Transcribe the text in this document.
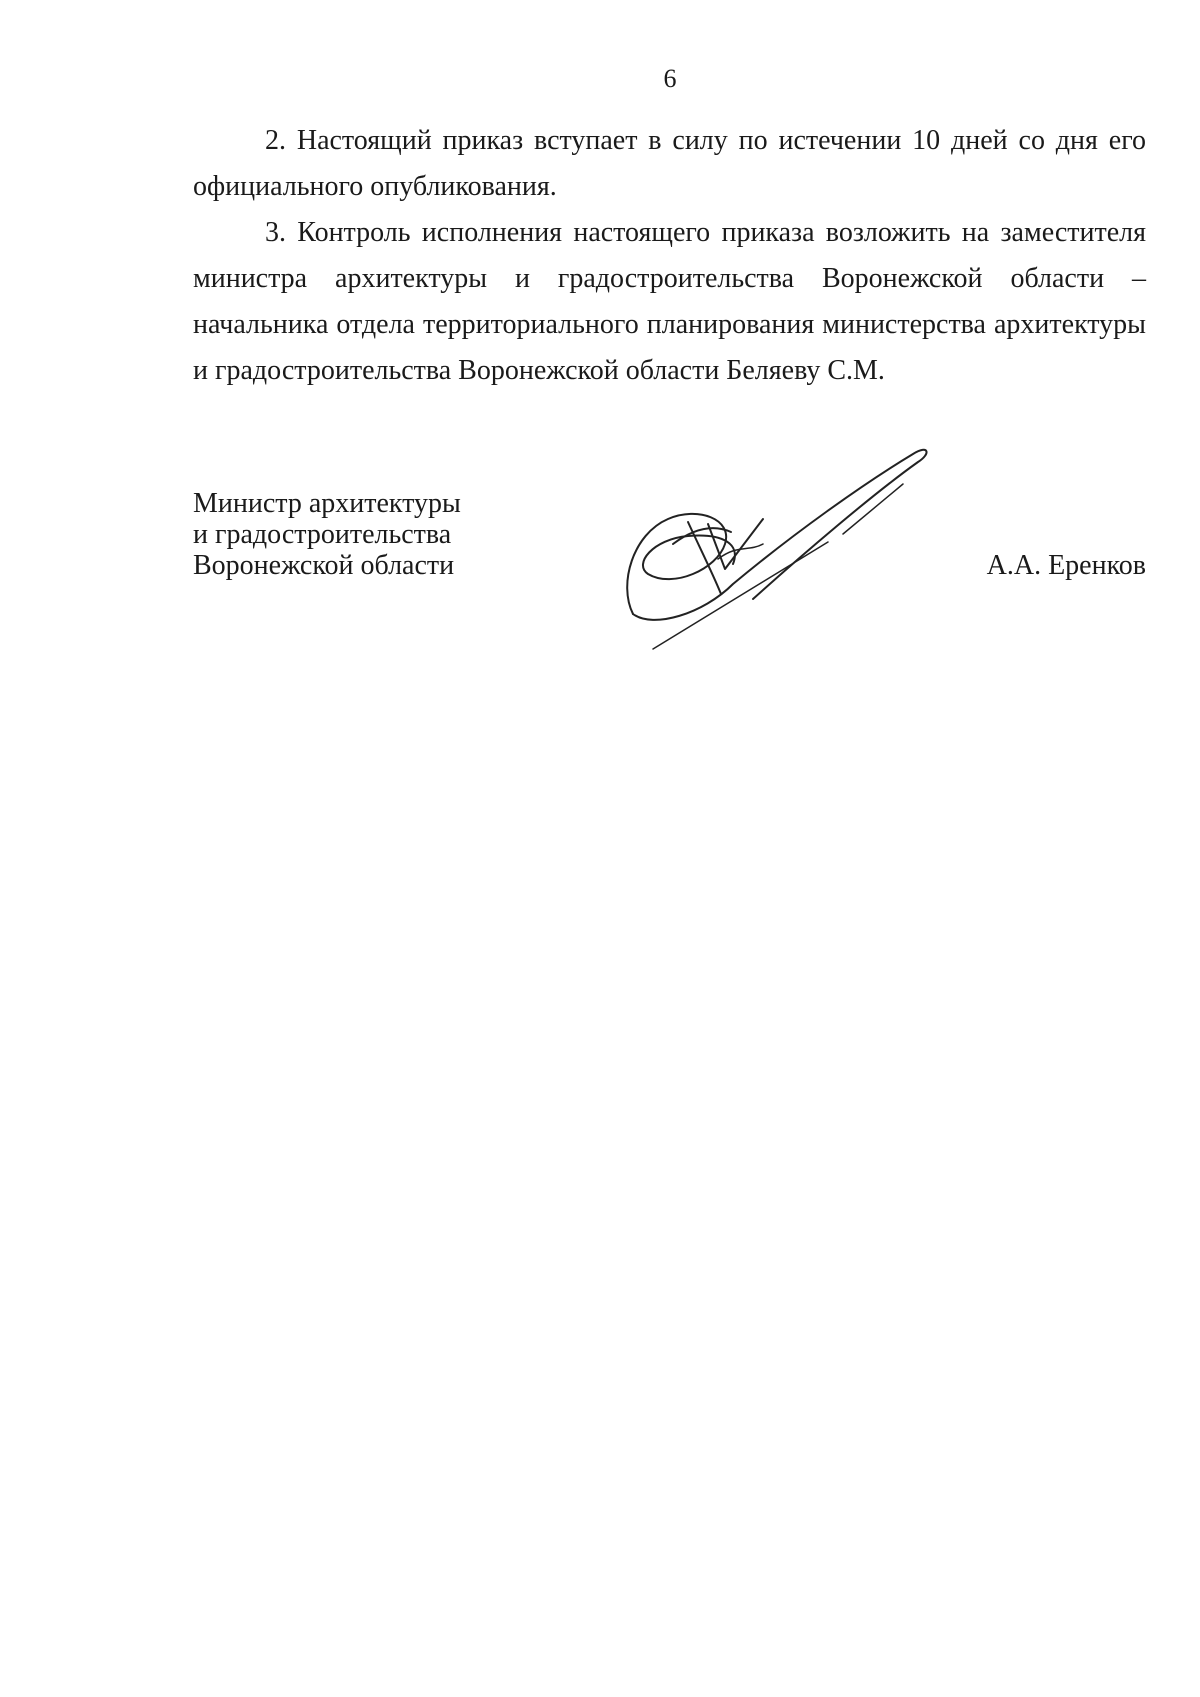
6

2. Настоящий приказ вступает в силу по истечении 10 дней со дня его официального опубликования.

3. Контроль исполнения настоящего приказа возложить на заместителя министра архитектуры и градостроительства Воронежской области – начальника отдела территориального планирования министерства архитектуры и градостроительства Воронежской области Беляеву С.М.

Министр архитектуры
и градостроительства
Воронежской области	А.А. Еренков
